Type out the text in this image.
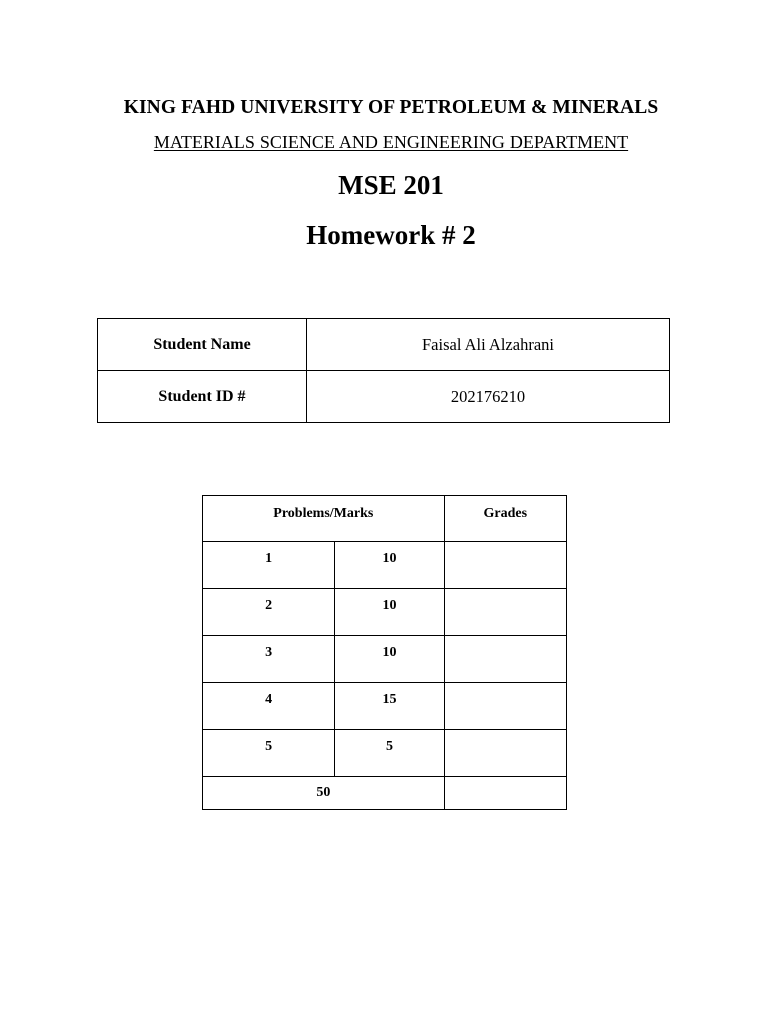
KING FAHD UNIVERSITY OF PETROLEUM & MINERALS
MATERIALS SCIENCE AND ENGINEERING DEPARTMENT
MSE 201
Homework # 2
Student Name	Faisal Ali Alzahrani
Student ID #	202176210
Problems/Marks		Grades
1	10	
2	10	
3	10	
4	15	
5	5	
50		
